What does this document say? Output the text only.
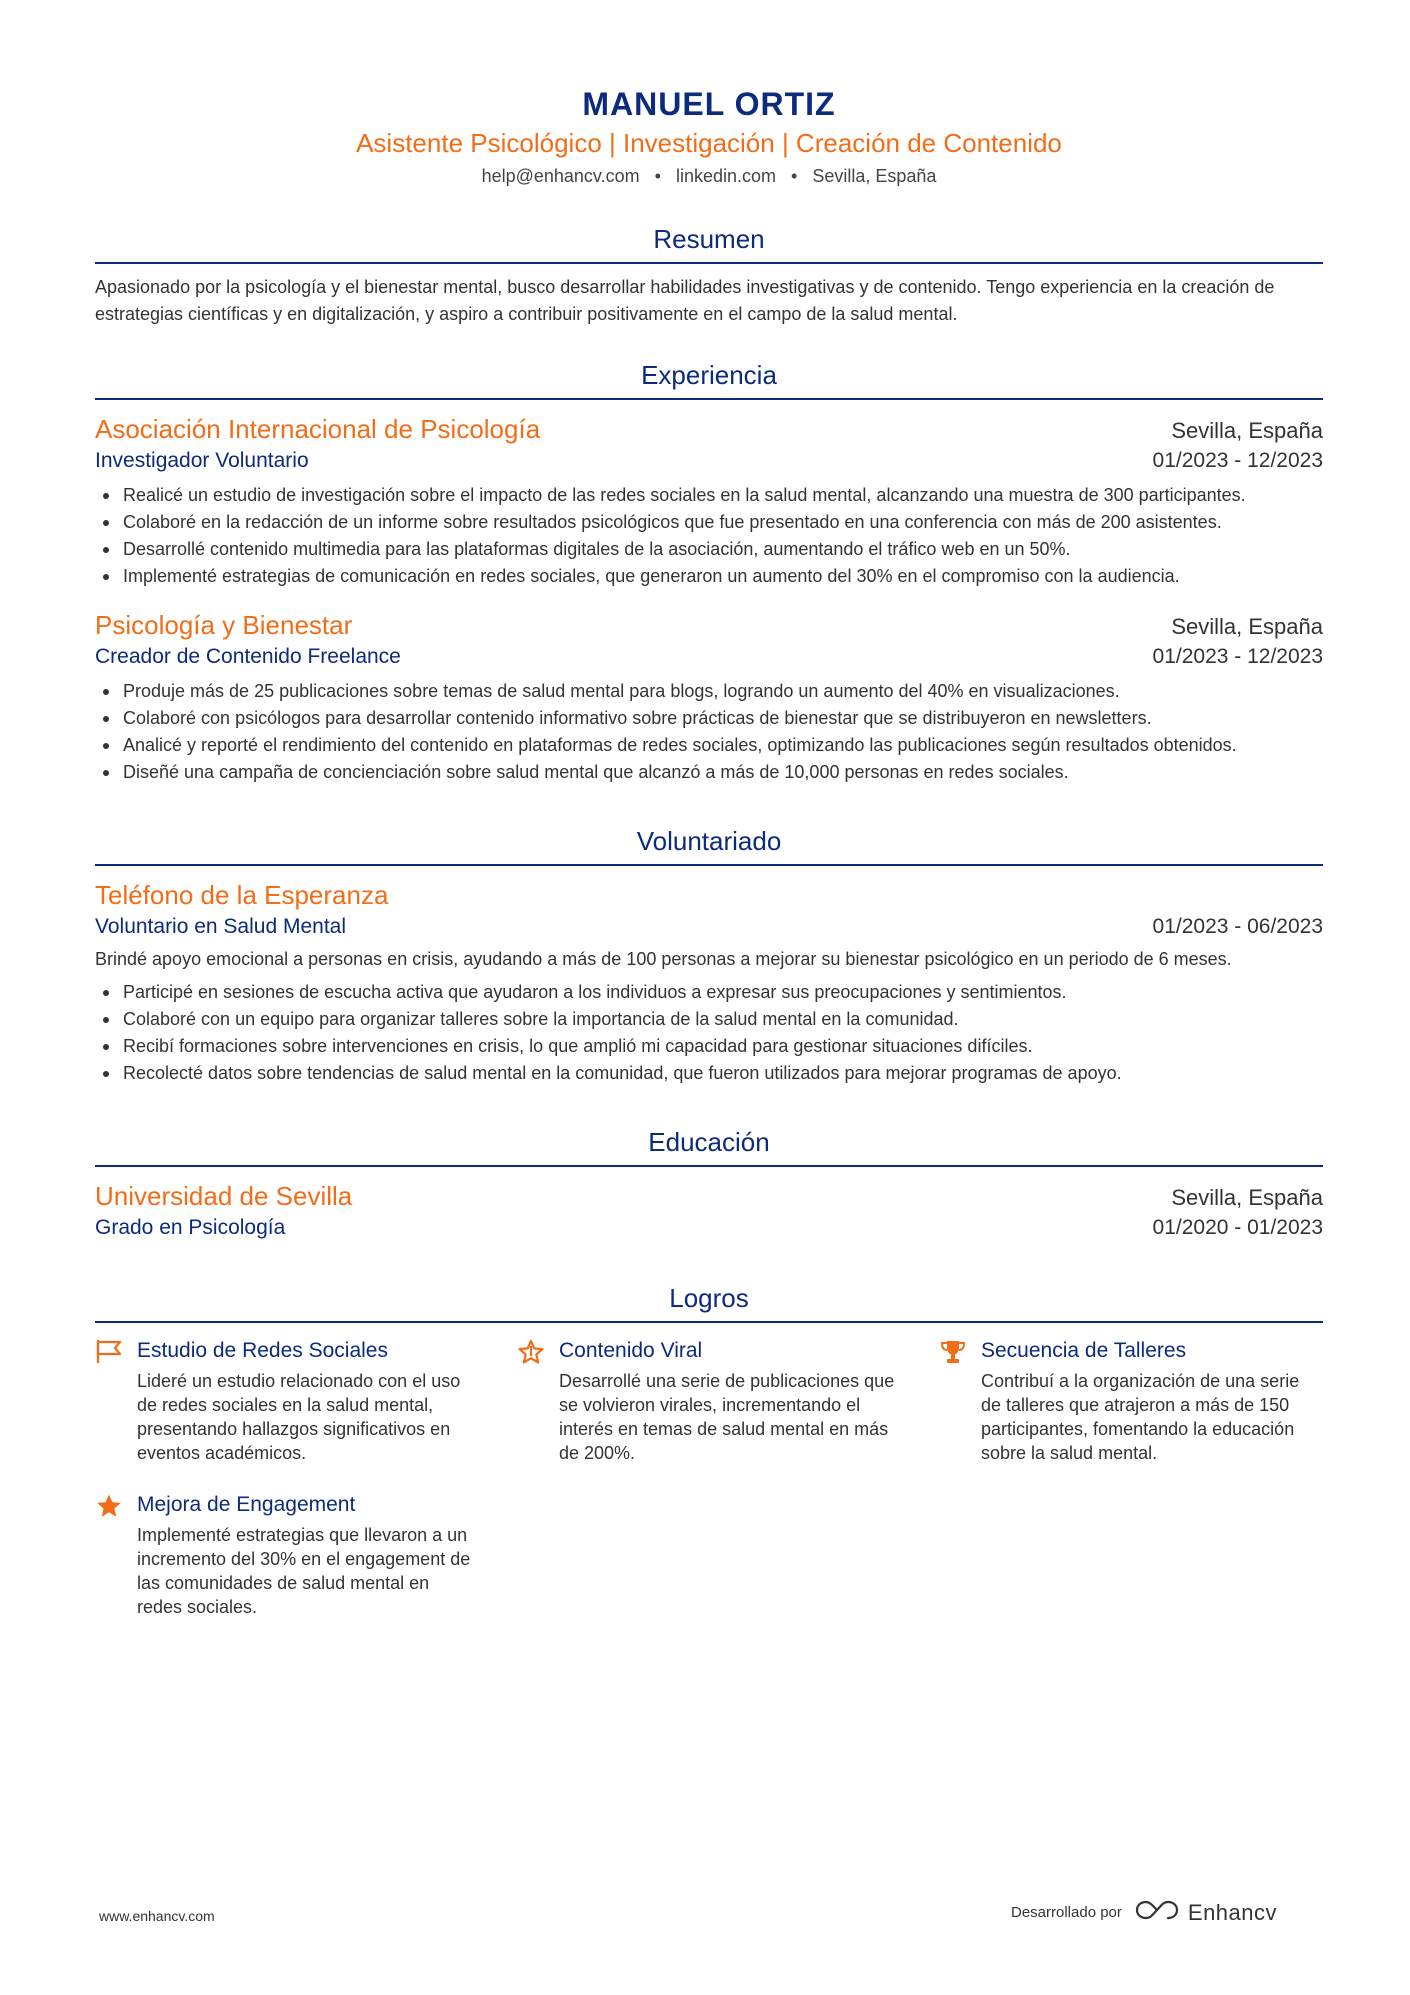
MANUEL ORTIZ
Asistente Psicológico | Investigación | Creación de Contenido
help@enhancv.com • linkedin.com • Sevilla, España
Resumen
Apasionado por la psicología y el bienestar mental, busco desarrollar habilidades investigativas y de contenido. Tengo experiencia en la creación de estrategias científicas y en digitalización, y aspiro a contribuir positivamente en el campo de la salud mental.
Experiencia
Asociación Internacional de Psicología	Sevilla, España
Investigador Voluntario	01/2023 - 12/2023
Realicé un estudio de investigación sobre el impacto de las redes sociales en la salud mental, alcanzando una muestra de 300 participantes.
Colaboré en la redacción de un informe sobre resultados psicológicos que fue presentado en una conferencia con más de 200 asistentes.
Desarrollé contenido multimedia para las plataformas digitales de la asociación, aumentando el tráfico web en un 50%.
Implementé estrategias de comunicación en redes sociales, que generaron un aumento del 30% en el compromiso con la audiencia.
Psicología y Bienestar	Sevilla, España
Creador de Contenido Freelance	01/2023 - 12/2023
Produje más de 25 publicaciones sobre temas de salud mental para blogs, logrando un aumento del 40% en visualizaciones.
Colaboré con psicólogos para desarrollar contenido informativo sobre prácticas de bienestar que se distribuyeron en newsletters.
Analicé y reporté el rendimiento del contenido en plataformas de redes sociales, optimizando las publicaciones según resultados obtenidos.
Diseñé una campaña de concienciación sobre salud mental que alcanzó a más de 10,000 personas en redes sociales.
Voluntariado
Teléfono de la Esperanza
Voluntario en Salud Mental	01/2023 - 06/2023
Brindé apoyo emocional a personas en crisis, ayudando a más de 100 personas a mejorar su bienestar psicológico en un periodo de 6 meses.
Participé en sesiones de escucha activa que ayudaron a los individuos a expresar sus preocupaciones y sentimientos.
Colaboré con un equipo para organizar talleres sobre la importancia de la salud mental en la comunidad.
Recibí formaciones sobre intervenciones en crisis, lo que amplió mi capacidad para gestionar situaciones difíciles.
Recolecté datos sobre tendencias de salud mental en la comunidad, que fueron utilizados para mejorar programas de apoyo.
Educación
Universidad de Sevilla	Sevilla, España
Grado en Psicología	01/2020 - 01/2023
Logros
Estudio de Redes Sociales
Lideré un estudio relacionado con el uso de redes sociales en la salud mental, presentando hallazgos significativos en eventos académicos.
Contenido Viral
Desarrollé una serie de publicaciones que se volvieron virales, incrementando el interés en temas de salud mental en más de 200%.
Secuencia de Talleres
Contribuí a la organización de una serie de talleres que atrajeron a más de 150 participantes, fomentando la educación sobre la salud mental.
Mejora de Engagement
Implementé estrategias que llevaron a un incremento del 30% en el engagement de las comunidades de salud mental en redes sociales.
www.enhancv.com	Desarrollado por	Enhancv
